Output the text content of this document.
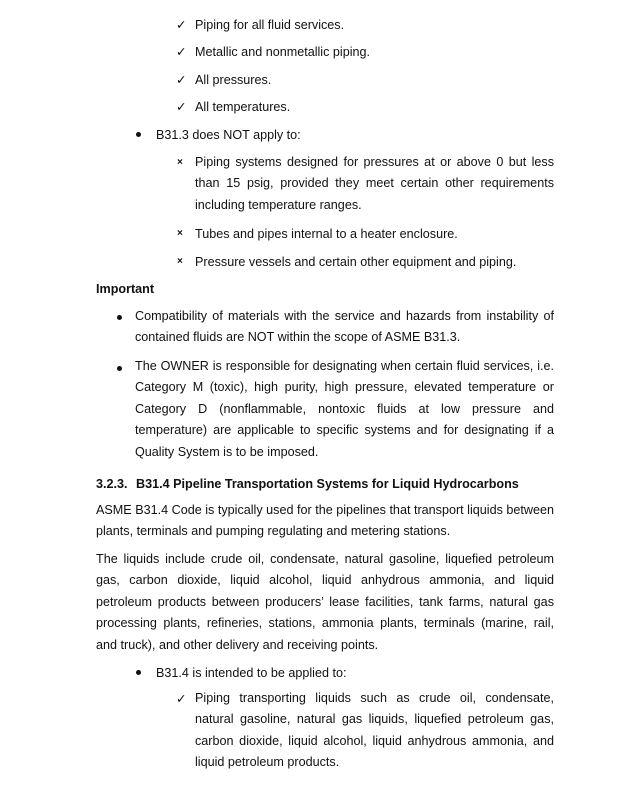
✓ Piping for all fluid services.
✓ Metallic and nonmetallic piping.
✓ All pressures.
✓ All temperatures.
B31.3 does NOT apply to:
× Piping systems designed for pressures at or above 0 but less than 15 psig, provided they meet certain other requirements including temperature ranges.
× Tubes and pipes internal to a heater enclosure.
× Pressure vessels and certain other equipment and piping.
Important
Compatibility of materials with the service and hazards from instability of contained fluids are NOT within the scope of ASME B31.3.
The OWNER is responsible for designating when certain fluid services, i.e. Category M (toxic), high purity, high pressure, elevated temperature or Category D (nonflammable, nontoxic fluids at low pressure and temperature) are applicable to specific systems and for designating if a Quality System is to be imposed.
3.2.3. B31.4 Pipeline Transportation Systems for Liquid Hydrocarbons
ASME B31.4 Code is typically used for the pipelines that transport liquids between plants, terminals and pumping regulating and metering stations.
The liquids include crude oil, condensate, natural gasoline, liquefied petroleum gas, carbon dioxide, liquid alcohol, liquid anhydrous ammonia, and liquid petroleum products between producers’ lease facilities, tank farms, natural gas processing plants, refineries, stations, ammonia plants, terminals (marine, rail, and truck), and other delivery and receiving points.
B31.4 is intended to be applied to:
✓ Piping transporting liquids such as crude oil, condensate, natural gasoline, natural gas liquids, liquefied petroleum gas, carbon dioxide, liquid alcohol, liquid anhydrous ammonia, and liquid petroleum products.
